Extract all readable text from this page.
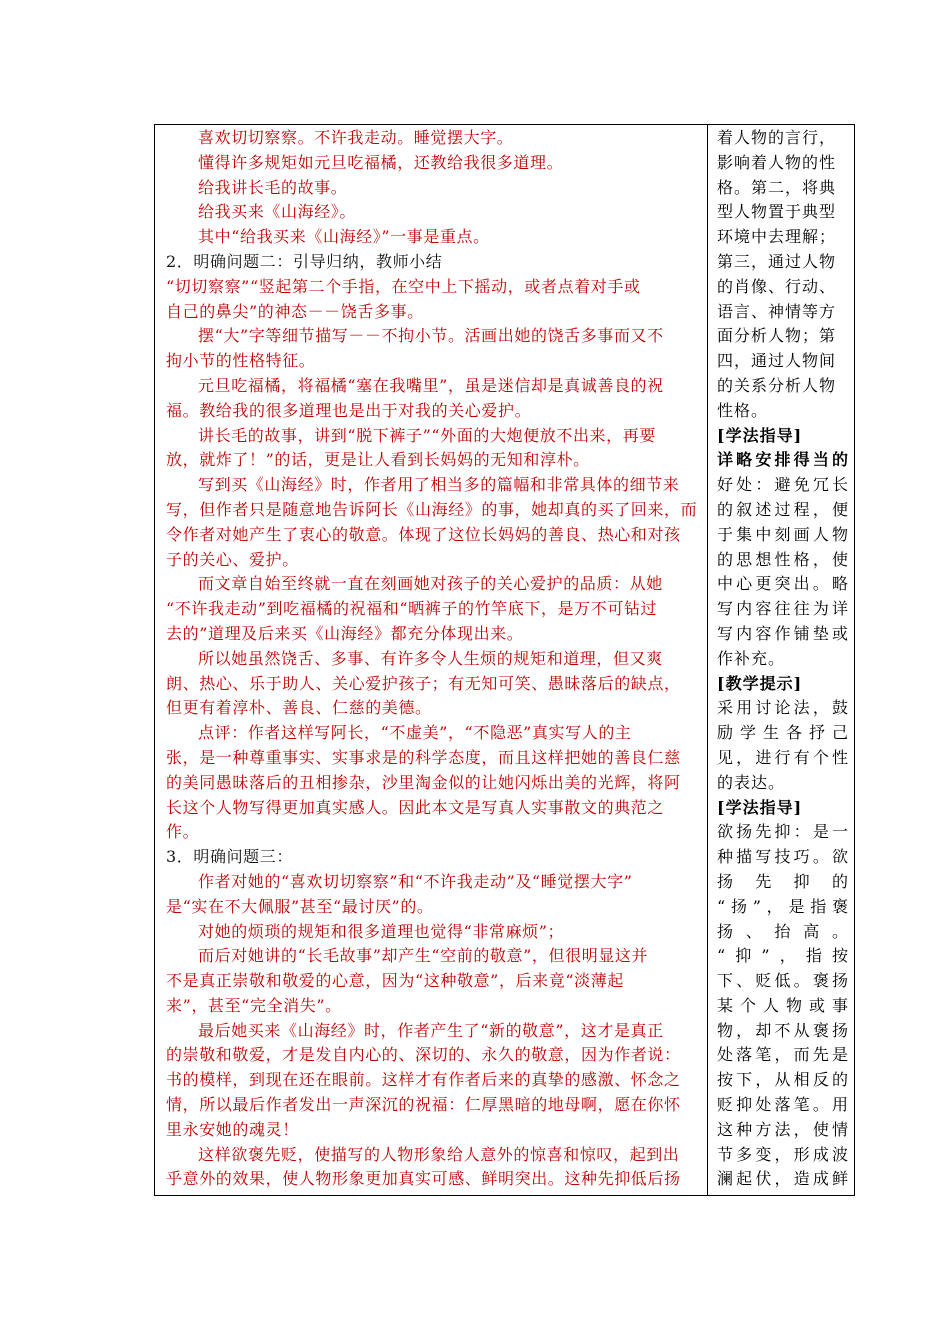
喜欢切切察察。不许我走动。睡觉摆大字。
懂得许多规矩如元旦吃福橘，还教给我很多道理。
给我讲长毛的故事。
给我买来《山海经》。
其中“给我买来《山海经》”一事是重点。
2．明确问题二：引导归纳，教师小结
“切切察察”“竖起第二个手指，在空中上下摇动，或者点着对手或
自己的鼻尖”的神态－－饶舌多事。
摆“大”字等细节描写－－不拘小节。活画出她的饶舌多事而又不
拘小节的性格特征。
元旦吃福橘，将福橘“塞在我嘴里”，虽是迷信却是真诚善良的祝
福。教给我的很多道理也是出于对我的关心爱护。
讲长毛的故事，讲到“脱下裤子”“外面的大炮便放不出来，再要
放，就炸了！”的话，更是让人看到长妈妈的无知和淳朴。
写到买《山海经》时，作者用了相当多的篇幅和非常具体的细节来
写，但作者只是随意地告诉阿长《山海经》的事，她却真的买了回来，而
令作者对她产生了衷心的敬意。体现了这位长妈妈的善良、热心和对孩
子的关心、爱护。
而文章自始至终就一直在刻画她对孩子的关心爱护的品质：从她
“不许我走动”到吃福橘的祝福和“晒裤子的竹竿底下，是万不可钻过
去的”道理及后来买《山海经》都充分体现出来。
所以她虽然饶舌、多事、有许多令人生烦的规矩和道理，但又爽
朗、热心、乐于助人、关心爱护孩子；有无知可笑、愚昧落后的缺点，
但更有着淳朴、善良、仁慈的美德。
点评：作者这样写阿长，“不虚美”，“不隐恶”真实写人的主
张，是一种尊重事实、实事求是的科学态度，而且这样把她的善良仁慈
的美同愚昧落后的丑相掺杂，沙里淘金似的让她闪烁出美的光辉，将阿
长这个人物写得更加真实感人。因此本文是写真人实事散文的典范之
作。
3．明确问题三：
作者对她的“喜欢切切察察”和“不许我走动”及“睡觉摆大字”
是“实在不大佩服”甚至“最讨厌”的。
对她的烦琐的规矩和很多道理也觉得“非常麻烦”；
而后对她讲的“长毛故事”却产生“空前的敬意”，但很明显这并
不是真正崇敬和敬爱的心意，因为“这种敬意”，后来竟“淡薄起
来”，甚至“完全消失”。
最后她买来《山海经》时，作者产生了“新的敬意”，这才是真正
的崇敬和敬爱，才是发自内心的、深切的、永久的敬意，因为作者说：
书的模样，到现在还在眼前。这样才有作者后来的真挚的感激、怀念之
情，所以最后作者发出一声深沉的祝福：仁厚黑暗的地母啊，愿在你怀
里永安她的魂灵！
这样欲褒先贬，使描写的人物形象给人意外的惊喜和惊叹，起到出
乎意外的效果，使人物形象更加真实可感、鲜明突出。这种先抑低后扬
着人物的言行，
影响着人物的性
格。第二，将典
型人物置于典型
环境中去理解；
第三，通过人物
的肖像、行动、
语言、神情等方
面分析人物；第
四，通过人物间
的关系分析人物
性格。
[学法指导]
详略安排得当的
好处：避免冗长
的叙述过程，便
于集中刻画人物
的思想性格，使
中心更突出。略
写内容往往为详
写内容作铺垫或
作补充。
[教学提示]
采用讨论法，鼓
励学生各抒己
见，进行有个性
的表达。
[学法指导]
欲扬先抑：是一
种描写技巧。欲
扬先抑的
“扬”，是指褒
扬、抬高。
“抑”，指按
下、贬低。褒扬
某个人物或事
物，却不从褒扬
处落笔，而先是
按下，从相反的
贬抑处落笔。用
这种方法，使情
节多变，形成波
澜起伏，造成鲜
